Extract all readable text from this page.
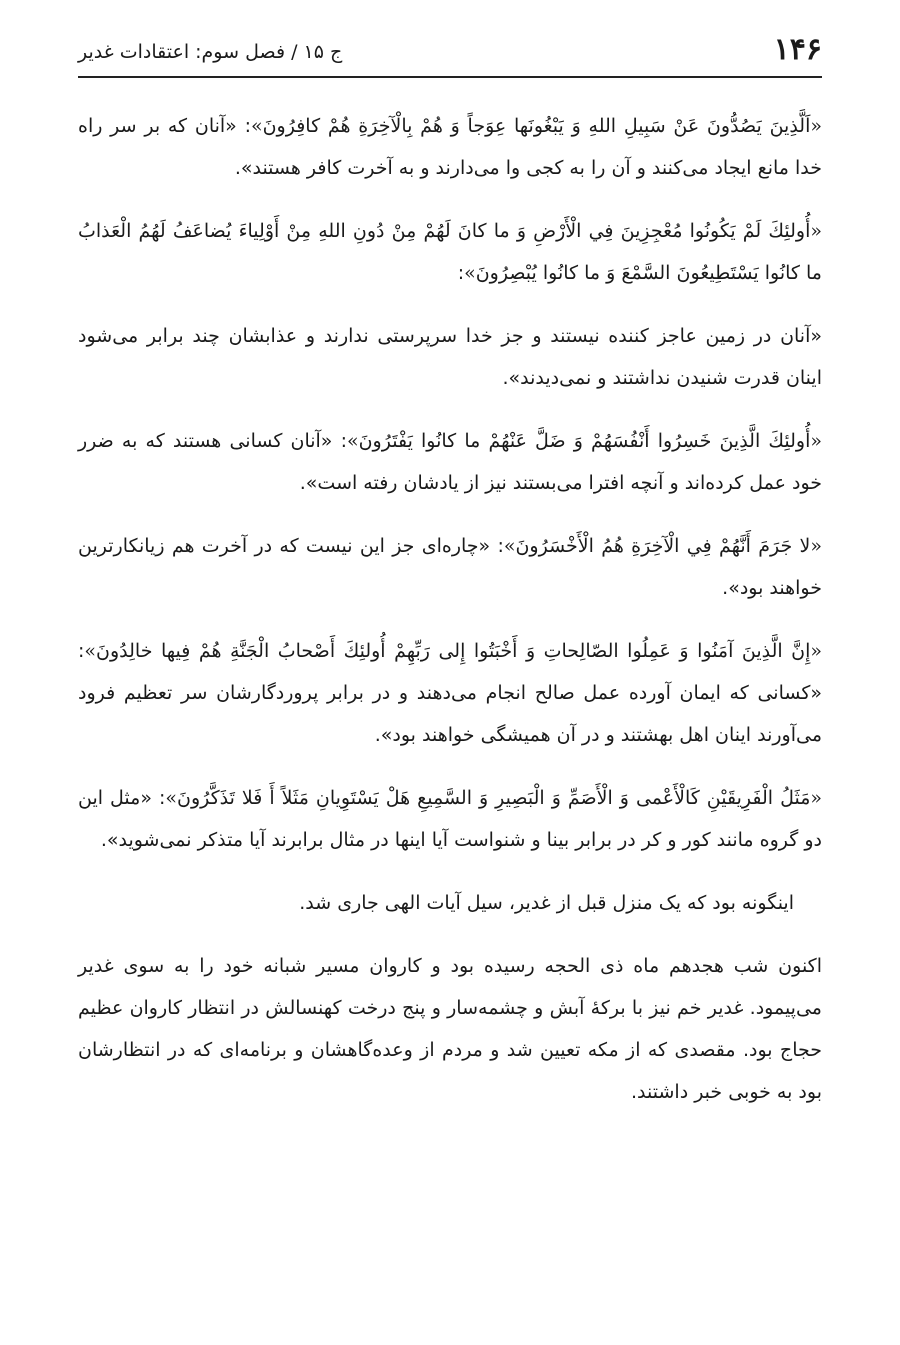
۱۴۶
ج ۱۵ / فصل سوم: اعتقادات غدیر

«اَلَّذِينَ يَصُدُّونَ عَنْ سَبِيلِ اللهِ وَ يَبْغُونَها عِوَجاً وَ هُمْ بِالْآخِرَةِ هُمْ كافِرُونَ»: «آنان که بر سر راه خدا مانع ایجاد می‌کنند و آن را به کجی وا می‌دارند و به آخرت کافر هستند».

«أُولئِكَ لَمْ يَكُونُوا مُعْجِزِينَ فِي الْأَرْضِ وَ ما كانَ لَهُمْ مِنْ دُونِ اللهِ مِنْ أَوْلِياءَ يُضاعَفُ لَهُمُ الْعَذابُ ما كانُوا يَسْتَطِيعُونَ السَّمْعَ وَ ما كانُوا يُبْصِرُونَ»:

«آنان در زمین عاجز کننده نیستند و جز خدا سرپرستی ندارند و عذابشان چند برابر می‌شود اینان قدرت شنیدن نداشتند و نمی‌دیدند».

«أُولئِكَ الَّذِينَ خَسِرُوا أَنْفُسَهُمْ وَ ضَلَّ عَنْهُمْ ما كانُوا يَفْتَرُونَ»: «آنان کسانی هستند که به ضرر خود عمل کرده‌اند و آنچه افترا می‌بستند نیز از یادشان رفته است».

«لا جَرَمَ أَنَّهُمْ فِي الْآخِرَةِ هُمُ الْأَخْسَرُونَ»: «چاره‌ای جز این نیست که در آخرت هم زیانکارترین خواهند بود».

«إِنَّ الَّذِينَ آمَنُوا وَ عَمِلُوا الصّالِحاتِ وَ أَخْبَتُوا إِلى رَبِّهِمْ أُولئِكَ أَصْحابُ الْجَنَّةِ هُمْ فِيها خالِدُونَ»: «کسانی که ایمان آورده عمل صالح انجام می‌دهند و در برابر پروردگارشان سر تعظیم فرود می‌آورند اینان اهل بهشتند و در آن همیشگی خواهند بود».

«مَثَلُ الْفَرِيقَيْنِ كَالْأَعْمى وَ الْأَصَمِّ وَ الْبَصِيرِ وَ السَّمِيعِ هَلْ يَسْتَوِيانِ مَثَلاً أَ فَلا تَذَكَّرُونَ»: «مثل این دو گروه مانند کور و کر در برابر بینا و شنواست آیا اینها در مثال برابرند آیا متذکر نمی‌شوید».

اینگونه بود که یک منزل قبل از غدیر، سیل آیات الهی جاری شد.

اکنون شب هجدهم ماه ذی الحجه رسیده بود و کاروان مسیر شبانه خود را به سوی غدیر می‌پیمود. غدیر خم نیز با برکهٔ آبش و چشمه‌سار و پنج درخت کهنسالش در انتظار کاروان عظیم حجاج بود. مقصدی که از مکه تعیین شد و مردم از وعده‌گاهشان و برنامه‌ای که در انتظارشان بود به خوبی خبر داشتند.
